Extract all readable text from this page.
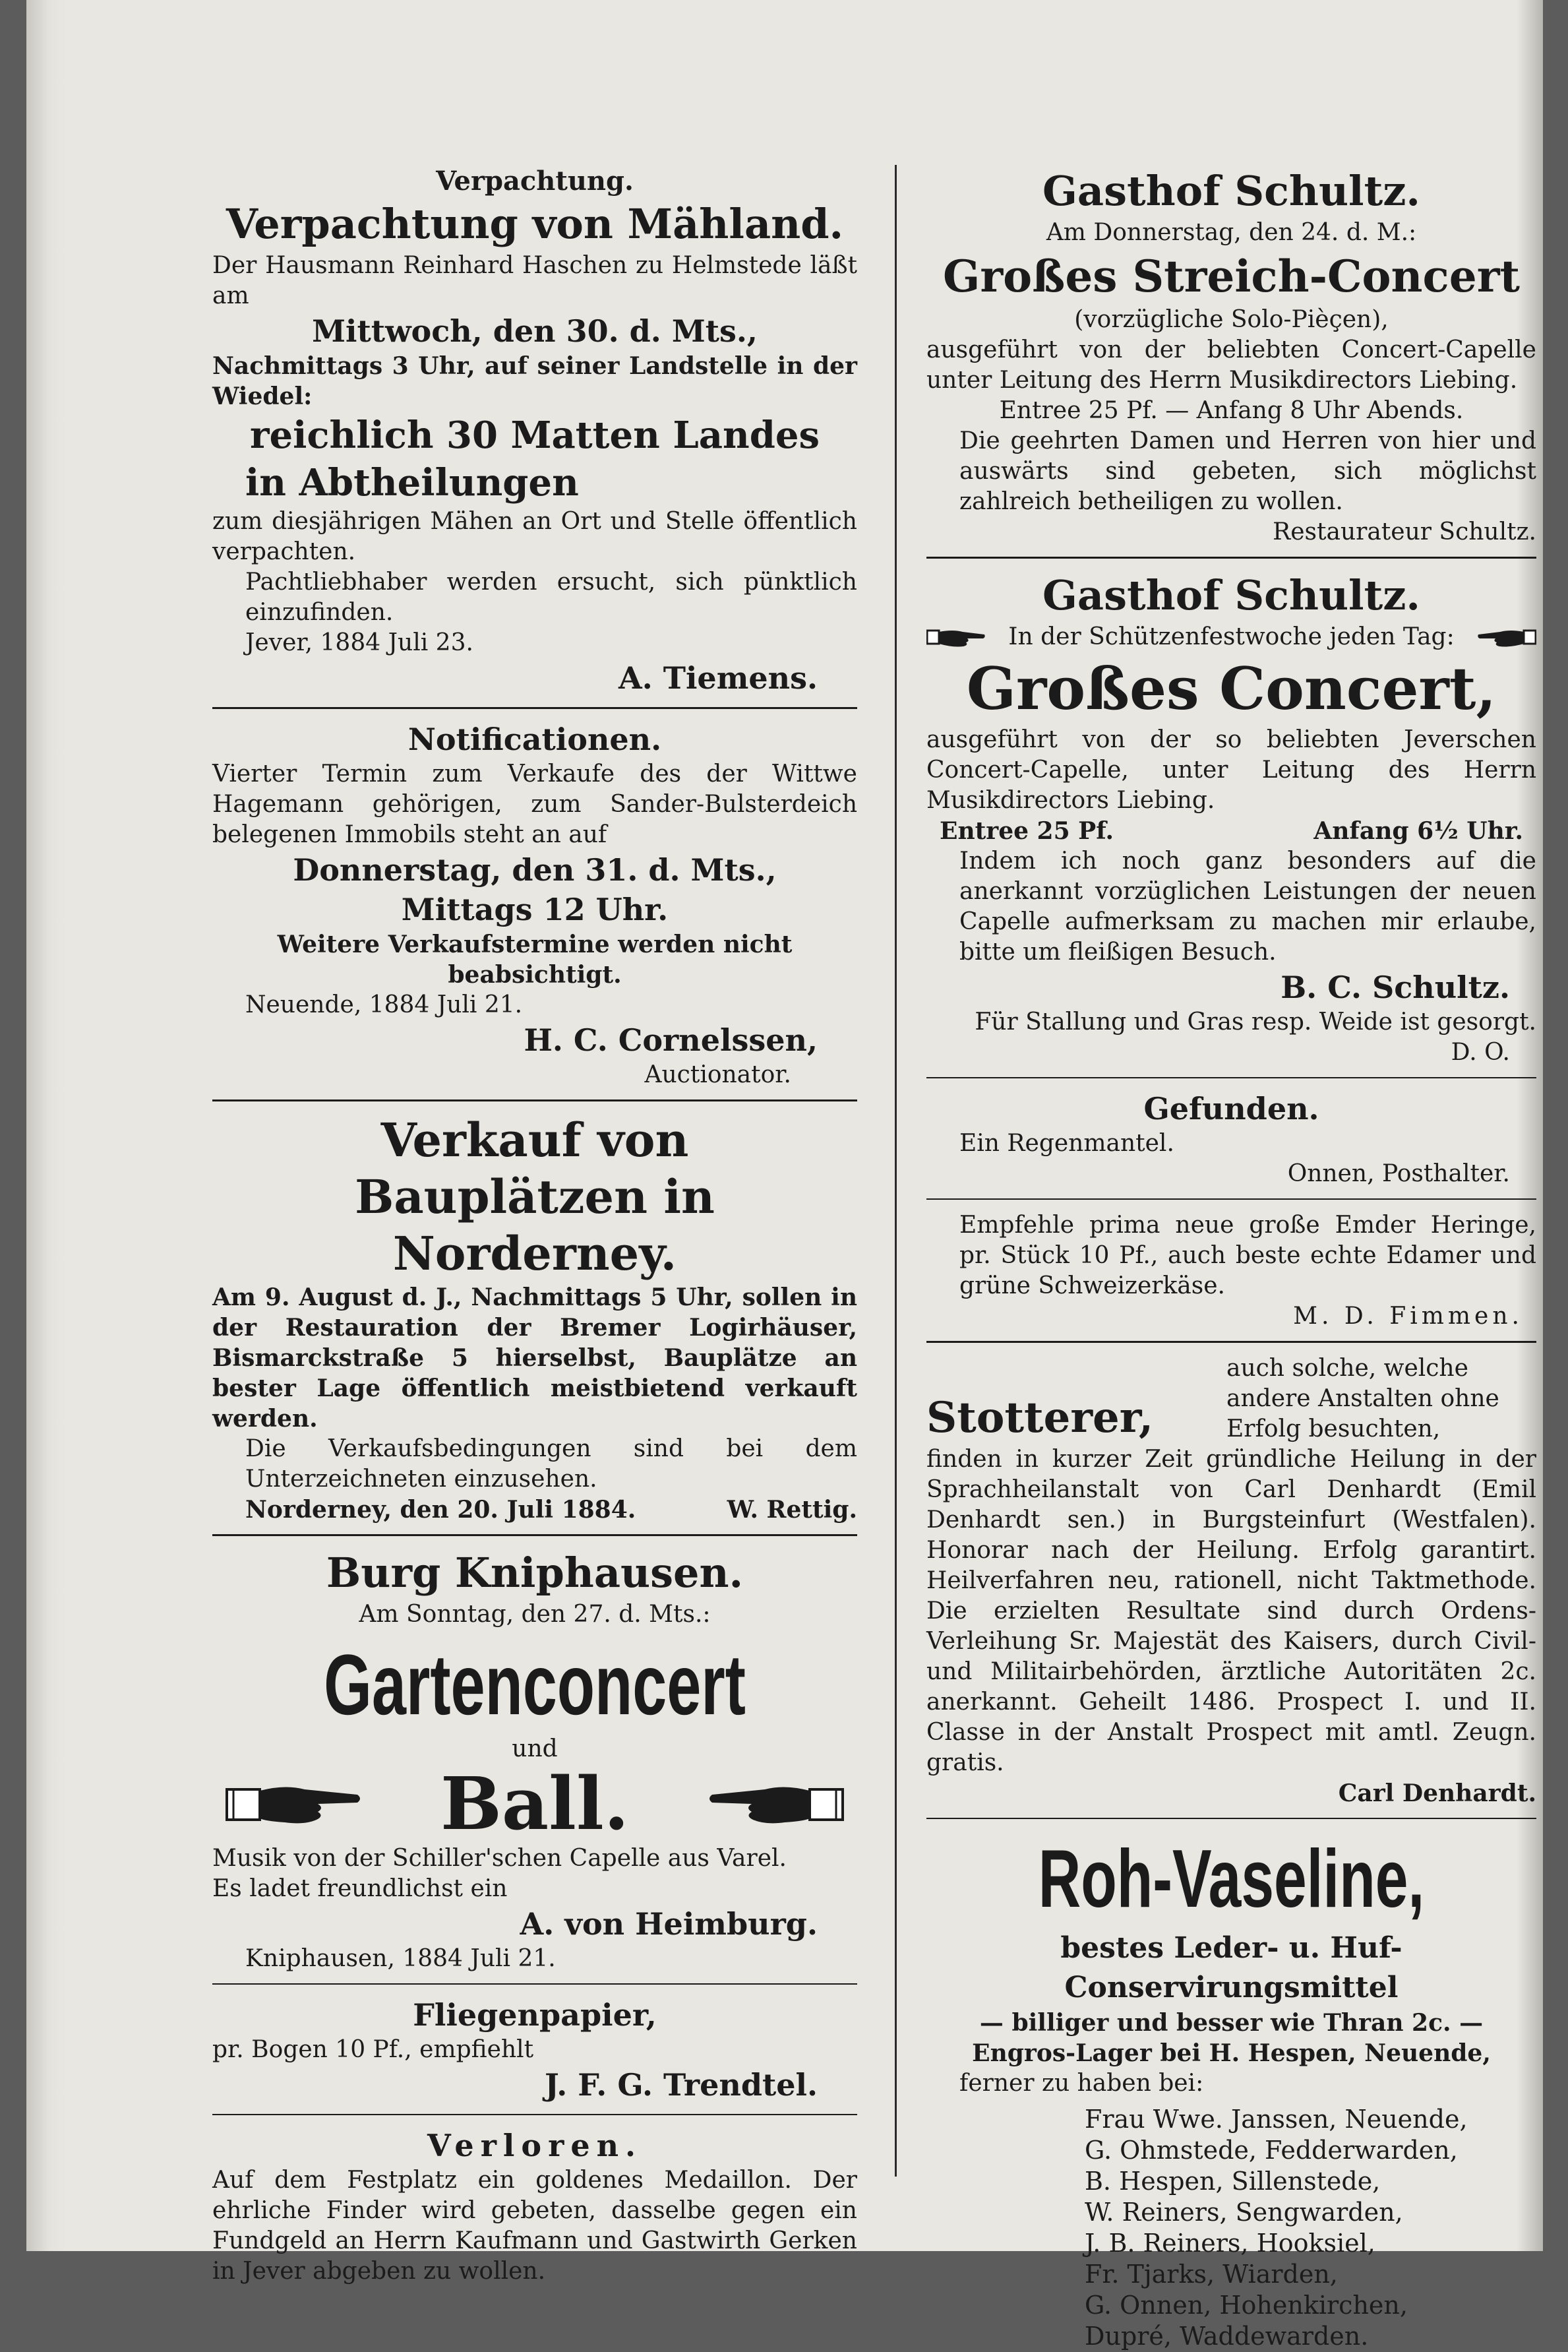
Verpachtung.

Verpachtung von Mähland.

Der Hausmann Reinhard Haschen zu Helmstede läßt am

Mittwoch, den 30. d. Mts.,

Nachmittags 3 Uhr, auf seiner Landstelle in der Wiedel:

reichlich 30 Matten Landes

in Abtheilungen

zum diesjährigen Mähen an Ort und Stelle öffentlich verpachten.

Pachtliebhaber werden ersucht, sich pünktlich einzufinden.

Jever, 1884 Juli 23.

A. Tiemens.

Notificationen.

Vierter Termin zum Verkaufe des der Wittwe Hagemann gehörigen, zum Sander-Bulsterdeich belegenen Immobils steht an auf

Donnerstag, den 31. d. Mts.,

Mittags 12 Uhr.

Weitere Verkaufstermine werden nicht beabsichtigt.

Neuende, 1884 Juli 21.

H. C. Cornelssen,

Auctionator.

Verkauf von

Bauplätzen in Norderney.

Am 9. August d. J., Nachmittags 5 Uhr, sollen in der Restauration der Bremer Logirhäuser, Bismarckstraße 5 hierselbst, Bauplätze an bester Lage öffentlich meistbietend verkauft werden.

Die Verkaufsbedingungen sind bei dem Unterzeichneten einzusehen.

Norderney, den 20. Juli 1884.	W. Rettig.

Burg Kniphausen.

Am Sonntag, den 27. d. Mts.:

Gartenconcert

und

Ball.

Musik von der Schiller'schen Capelle aus Varel.

Es ladet freundlichst ein

A. von Heimburg.

Kniphausen, 1884 Juli 21.

Fliegenpapier,

pr. Bogen 10 Pf., empfiehlt

J. F. G. Trendtel.

Verloren.

Auf dem Festplatz ein goldenes Medaillon. Der ehrliche Finder wird gebeten, dasselbe gegen ein Fundgeld an Herrn Kaufmann und Gastwirth Gerken in Jever abgeben zu wollen.

Gasthof Schultz.

Am Donnerstag, den 24. d. M.:

Großes Streich-Concert

(vorzügliche Solo-Pièçen),

ausgeführt von der beliebten Concert-Capelle unter Leitung des Herrn Musikdirectors Liebing.

Entree 25 Pf. — Anfang 8 Uhr Abends.

Die geehrten Damen und Herren von hier und auswärts sind gebeten, sich möglichst zahlreich betheiligen zu wollen.

Restaurateur Schultz.

Gasthof Schultz.

In der Schützenfestwoche jeden Tag:

Großes Concert,

ausgeführt von der so beliebten Jeverschen Concert-Capelle, unter Leitung des Herrn Musikdirectors Liebing.

Entree 25 Pf.	Anfang 6½ Uhr.

Indem ich noch ganz besonders auf die anerkannt vorzüglichen Leistungen der neuen Capelle aufmerksam zu machen mir erlaube, bitte um fleißigen Besuch.

B. C. Schultz.

Für Stallung und Gras resp. Weide ist gesorgt.

D. O.

Gefunden.

Ein Regenmantel.

Onnen, Posthalter.

Empfehle prima neue große Emder Heringe, pr. Stück 10 Pf., auch beste echte Edamer und grüne Schweizerkäse.

M. D. Fimmen.

Stotterer,
auch solche, welche andere Anstalten ohne Erfolg besuchten,

finden in kurzer Zeit gründliche Heilung in der Sprachheilanstalt von Carl Denhardt (Emil Denhardt sen.) in Burgsteinfurt (Westfalen). Honorar nach der Heilung. Erfolg garantirt. Heilverfahren neu, rationell, nicht Taktmethode. Die erzielten Resultate sind durch Ordens-Verleihung Sr. Majestät des Kaisers, durch Civil- und Militairbehörden, ärztliche Autoritäten 2c. anerkannt. Geheilt 1486. Prospect I. und II. Classe in der Anstalt Prospect mit amtl. Zeugn. gratis.

Carl Denhardt.

Roh-Vaseline,

bestes Leder- u. Huf-Conservirungsmittel

— billiger und besser wie Thran 2c. —

Engros-Lager bei H. Hespen, Neuende,

ferner zu haben bei:

Frau Wwe. Janssen, Neuende,

G. Ohmstede, Fedderwarden,

B. Hespen, Sillenstede,

W. Reiners, Sengwarden,

J. B. Reiners, Hooksiel,

Fr. Tjarks, Wiarden,

G. Onnen, Hohenkirchen,

Dupré, Waddewarden.
